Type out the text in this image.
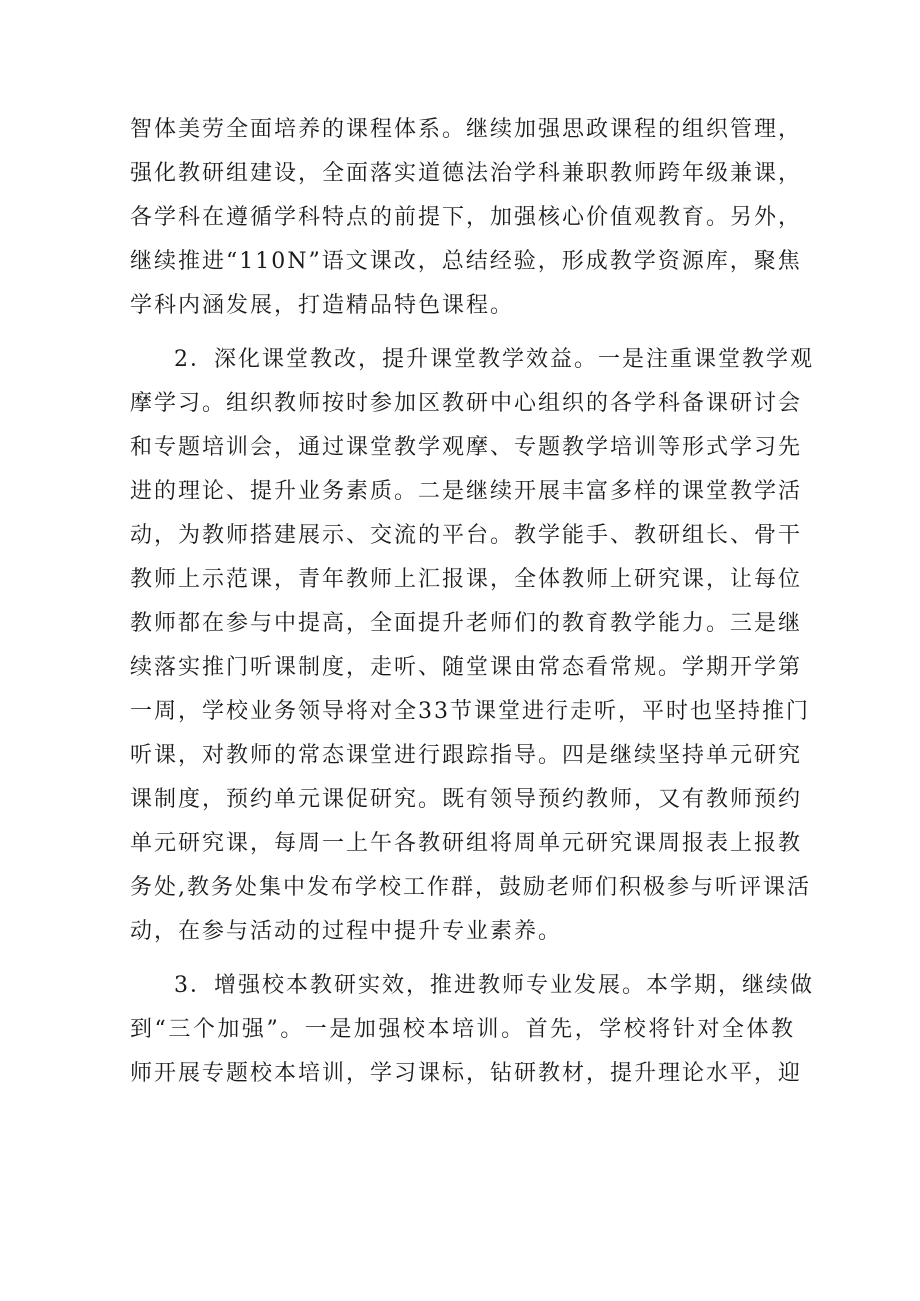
智体美劳全面培养的课程体系。继续加强思政课程的组织管理，
强化教研组建设，全面落实道德法治学科兼职教师跨年级兼课，
各学科在遵循学科特点的前提下，加强核心价值观教育。另外，
继续推进“110N”语文课改，总结经验，形成教学资源库，聚焦
学科内涵发展，打造精品特色课程。
2．深化课堂教改，提升课堂教学效益。一是注重课堂教学观
摩学习。组织教师按时参加区教研中心组织的各学科备课研讨会
和专题培训会，通过课堂教学观摩、专题教学培训等形式学习先
进的理论、提升业务素质。二是继续开展丰富多样的课堂教学活
动，为教师搭建展示、交流的平台。教学能手、教研组长、骨干
教师上示范课，青年教师上汇报课，全体教师上研究课，让每位
教师都在参与中提高，全面提升老师们的教育教学能力。三是继
续落实推门听课制度，走听、随堂课由常态看常规。学期开学第
一周，学校业务领导将对全33节课堂进行走听，平时也坚持推门
听课，对教师的常态课堂进行跟踪指导。四是继续坚持单元研究
课制度，预约单元课促研究。既有领导预约教师，又有教师预约
单元研究课，每周一上午各教研组将周单元研究课周报表上报教
务处,教务处集中发布学校工作群，鼓励老师们积极参与听评课活
动，在参与活动的过程中提升专业素养。
3．增强校本教研实效，推进教师专业发展。本学期，继续做
到“三个加强”。一是加强校本培训。首先，学校将针对全体教
师开展专题校本培训，学习课标，钻研教材，提升理论水平，迎
